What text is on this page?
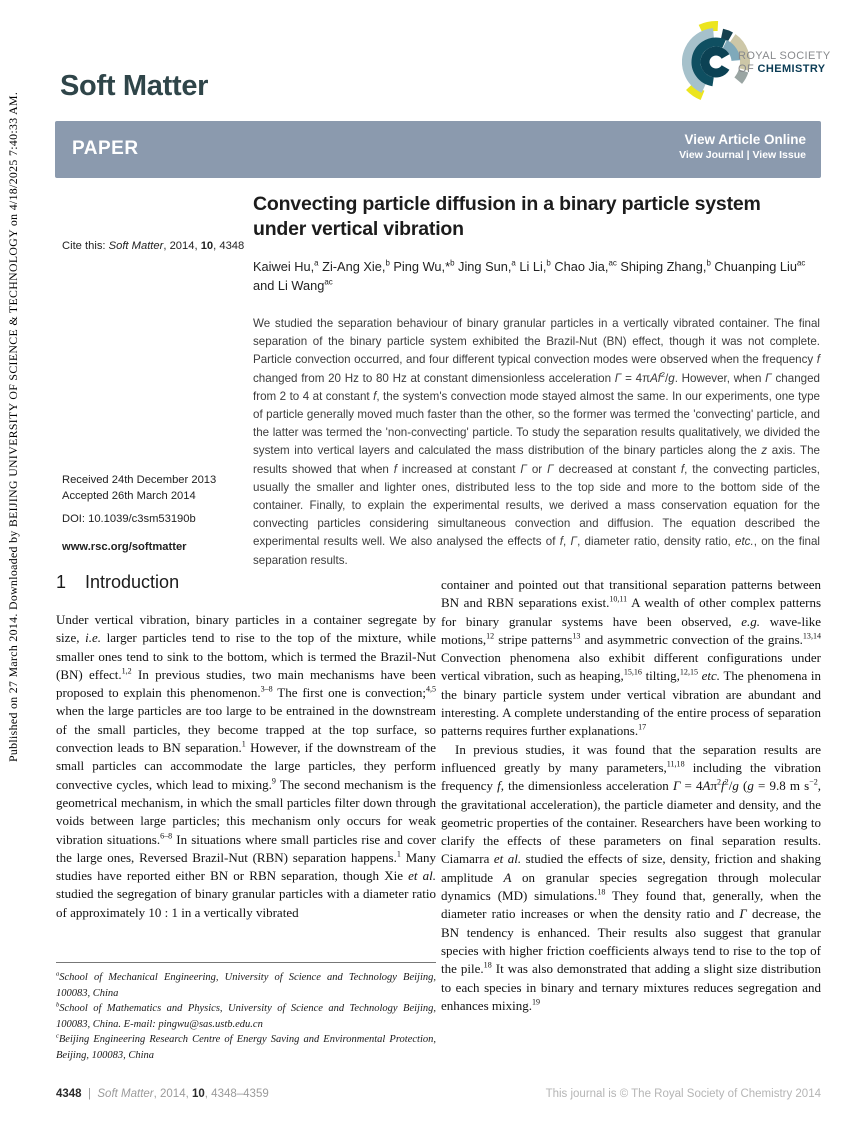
Published on 27 March 2014. Downloaded by BEIJING UNIVERSITY OF SCIENCE & TECHNOLOGY on 4/18/2025 7:40:33 AM.
Soft Matter
ROYAL SOCIETY
OF CHEMISTRY
PAPER	View Article Online
View Journal | View Issue
Cite this: Soft Matter, 2014, 10, 4348
Convecting particle diffusion in a binary particle system under vertical vibration
Kaiwei Hu,$^a$ Zi-Ang Xie,$^b$ Ping Wu,*$^b$ Jing Sun,$^a$ Li Li,$^b$ Chao Jia,$^{ac}$ Shiping Zhang,$^b$ Chuanping Liu$^{ac}$ and Li Wang$^{ac}$
We studied the separation behaviour of binary granular particles in a vertically vibrated container. The final separation of the binary particle system exhibited the Brazil-Nut (BN) effect, though it was not complete. Particle convection occurred, and four different typical convection modes were observed when the frequency f changed from 20 Hz to 80 Hz at constant dimensionless acceleration Γ = 4πAf$^2$/g. However, when Γ changed from 2 to 4 at constant f, the system's convection mode stayed almost the same. In our experiments, one type of particle generally moved much faster than the other, so the former was termed the 'convecting' particle, and the latter was termed the 'non-convecting' particle. To study the separation results qualitatively, we divided the system into vertical layers and calculated the mass distribution of the binary particles along the z axis. The results showed that when f increased at constant Γ or Γ decreased at constant f, the convecting particles, usually the smaller and lighter ones, distributed less to the top side and more to the bottom side of the container. Finally, to explain the experimental results, we derived a mass conservation equation for the convecting particles considering simultaneous convection and diffusion. The equation described the experimental results well. We also analysed the effects of f, Γ, diameter ratio, density ratio, etc., on the final separation results.
Received 24th December 2013
Accepted 26th March 2014
DOI: 10.1039/c3sm53190b
www.rsc.org/softmatter
1 Introduction

Under vertical vibration, binary particles in a container segregate by size, i.e. larger particles tend to rise to the top of the mixture, while smaller ones tend to sink to the bottom, which is termed the Brazil-Nut (BN) effect.$^{1,2}$ In previous studies, two main mechanisms have been proposed to explain this phenomenon.$^{3-8}$ The first one is convection;$^{4,5}$ when the large particles are too large to be entrained in the downstream of the small particles, they become trapped at the top surface, so convection leads to BN separation.$^1$ However, if the downstream of the small particles can accommodate the large particles, they perform convective cycles, which lead to mixing.$^9$ The second mechanism is the geometrical mechanism, in which the small particles filter down through voids between large particles; this mechanism only occurs for weak vibration situations.$^{6-8}$ In situations where small particles rise and cover the large ones, Reversed Brazil-Nut (RBN) separation happens.$^1$ Many studies have reported either BN or RBN separation, though Xie et al. studied the segregation of binary granular particles with a diameter ratio of approximately 10 : 1 in a vertically vibrated

container and pointed out that transitional separation patterns between BN and RBN separations exist.$^{10,11}$ A wealth of other complex patterns for binary granular systems have been observed, e.g. wave-like motions,$^{12}$ stripe patterns$^{13}$ and asymmetric convection of the grains.$^{13,14}$ Convection phenomena also exhibit different configurations under vertical vibration, such as heaping,$^{15,16}$ tilting,$^{12,15}$ etc. The phenomena in the binary particle system under vertical vibration are abundant and interesting. A complete understanding of the entire process of separation patterns requires further explanations.$^{17}$

In previous studies, it was found that the separation results are influenced greatly by many parameters,$^{11,18}$ including the vibration frequency f, the dimensionless acceleration $\Gamma = 4A\pi^2f^2/g$ (g = 9.8 m $s^{-2}$, the gravitational acceleration), the particle diameter and density, and the geometric properties of the container. Researchers have been working to clarify the effects of these parameters on final separation results. Ciamarra et al. studied the effects of size, density, friction and shaking amplitude A on granular species segregation through molecular dynamics (MD) simulations.$^{18}$ They found that, generally, when the diameter ratio increases or when the density ratio and Γ decrease, the BN tendency is enhanced. Their results also suggest that granular species with higher friction coefficients always tend to rise to the top of the pile.$^{18}$ It was also demonstrated that adding a slight size distribution to each species in binary and ternary mixtures reduces segregation and enhances mixing.$^{19}$

$^a$School of Mechanical Engineering, University of Science and Technology Beijing, 100083, China

$^b$School of Mathematics and Physics, University of Science and Technology Beijing, 100083, China. E-mail: pingwu@sas.ustb.edu.cn

$^c$Beijing Engineering Research Centre of Energy Saving and Environmental Protection, Beijing, 100083, China

4348  |  Soft Matter, 2014, 10, 4348–4359	This journal is © The Royal Society of Chemistry 2014
